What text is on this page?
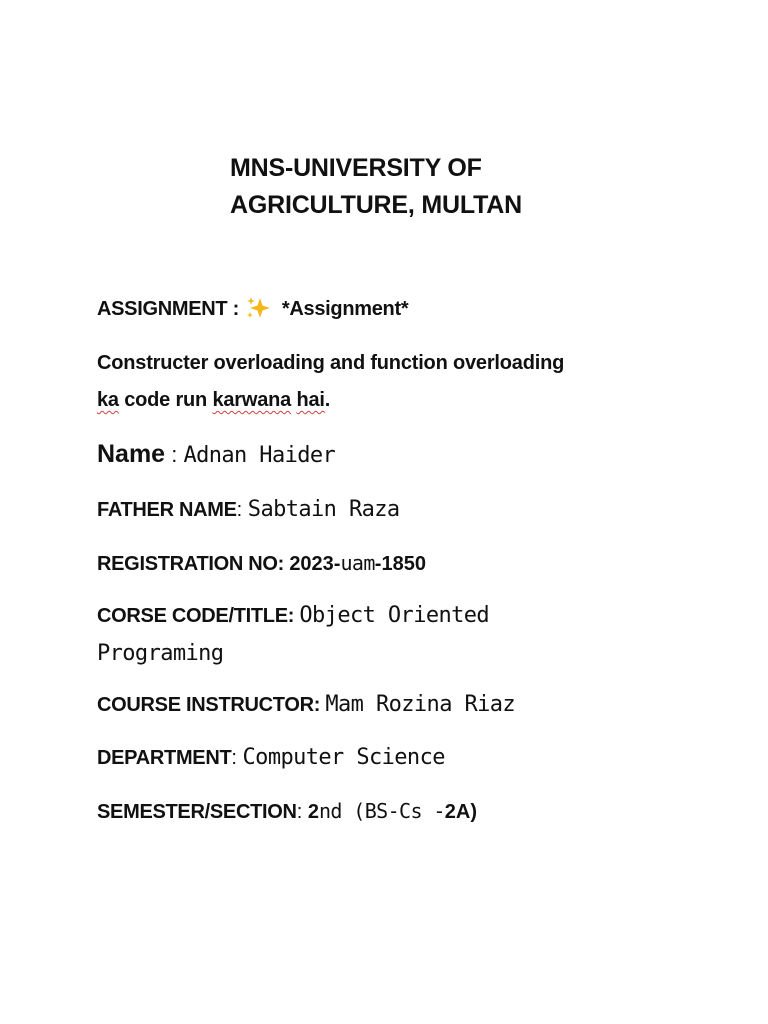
MNS-UNIVERSITY OF
AGRICULTURE, MULTAN
ASSIGNMENT : *Assignment*
Constructer overloading and function overloading
ka code run karwana hai.
Name : Adnan Haider
FATHER NAME: Sabtain Raza
REGISTRATION NO: 2023-uam-1850
CORSE CODE/TITLE: Object Oriented
Programing
COURSE INSTRUCTOR: Mam Rozina Riaz
DEPARTMENT: Computer Science
SEMESTER/SECTION: 2nd (BS-Cs -2A)
